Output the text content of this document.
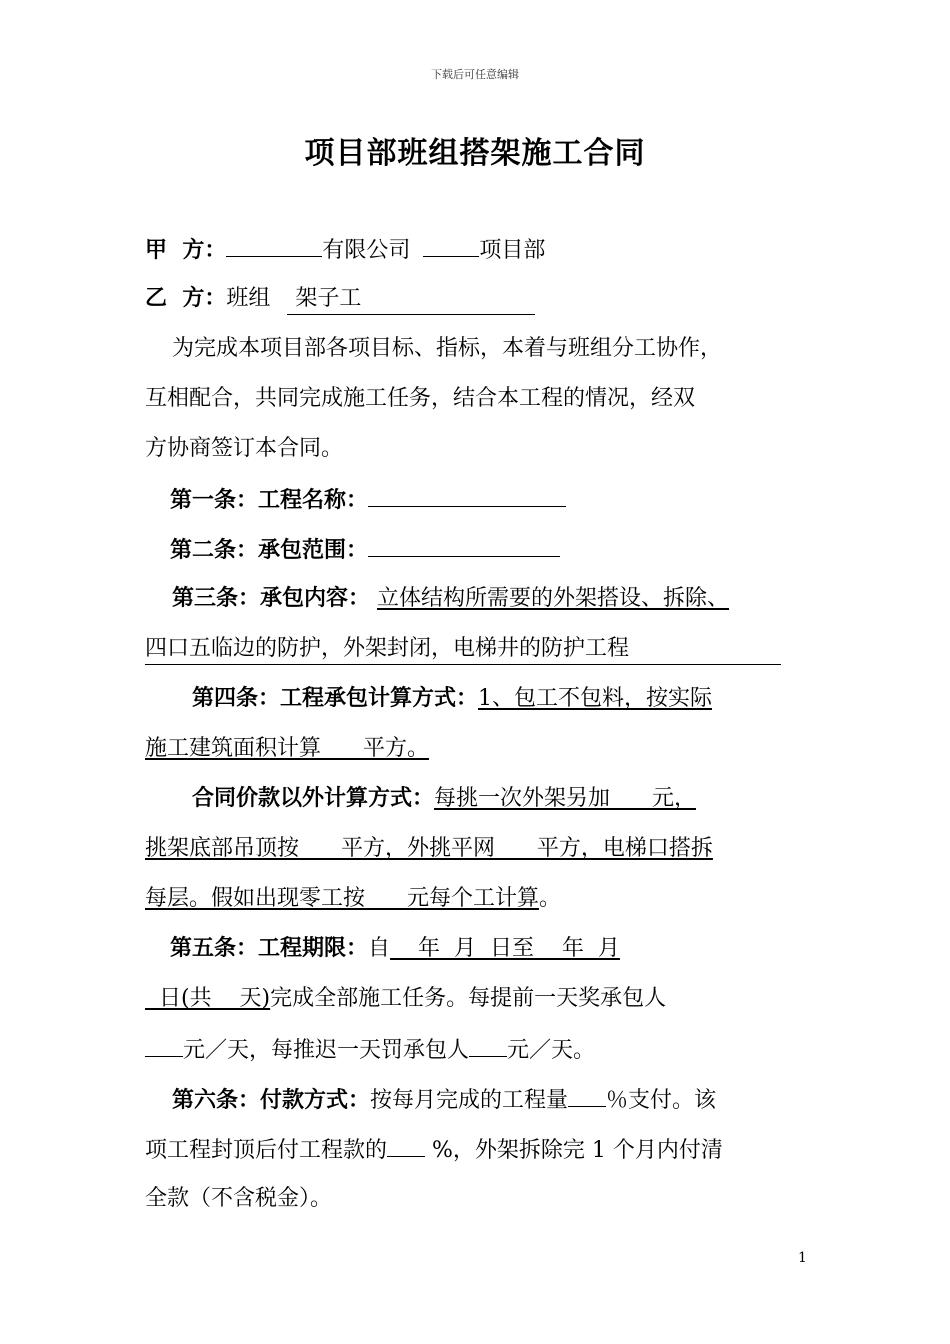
下载后可任意编辑
项目部班组搭架施工合同
甲  方：	有限公司	项目部
乙  方：班组 架子工
为完成本项目部各项目标、指标，本着与班组分工协作，
互相配合，共同完成施工任务，结合本工程的情况，经双
方协商签订本合同。
第一条：工程名称：
第二条：承包范围：
第三条：承包内容： 立体结构所需要的外架搭设、拆除、
四口五临边的防护，外架封闭，电梯井的防护工程
第四条：工程承包计算方式：1、包工不包料，按实际
施工建筑面积计算      平方。
合同价款以外计算方式：每挑一次外架另加      元，
挑架底部吊顶按      平方，外挑平网      平方，电梯口搭拆
每层。假如出现零工按      元每个工计算。
第五条：工程期限：自    年  月  日至    年  月
日(共    天)完成全部施工任务。每提前一天奖承包人
元／天，每推迟一天罚承包人 元／天。
第六条：付款方式：按每月完成的工程量 ％支付。该
项工程封顶后付工程款的 %，外架拆除完 1 个月内付清
全款（不含税金）。
1
